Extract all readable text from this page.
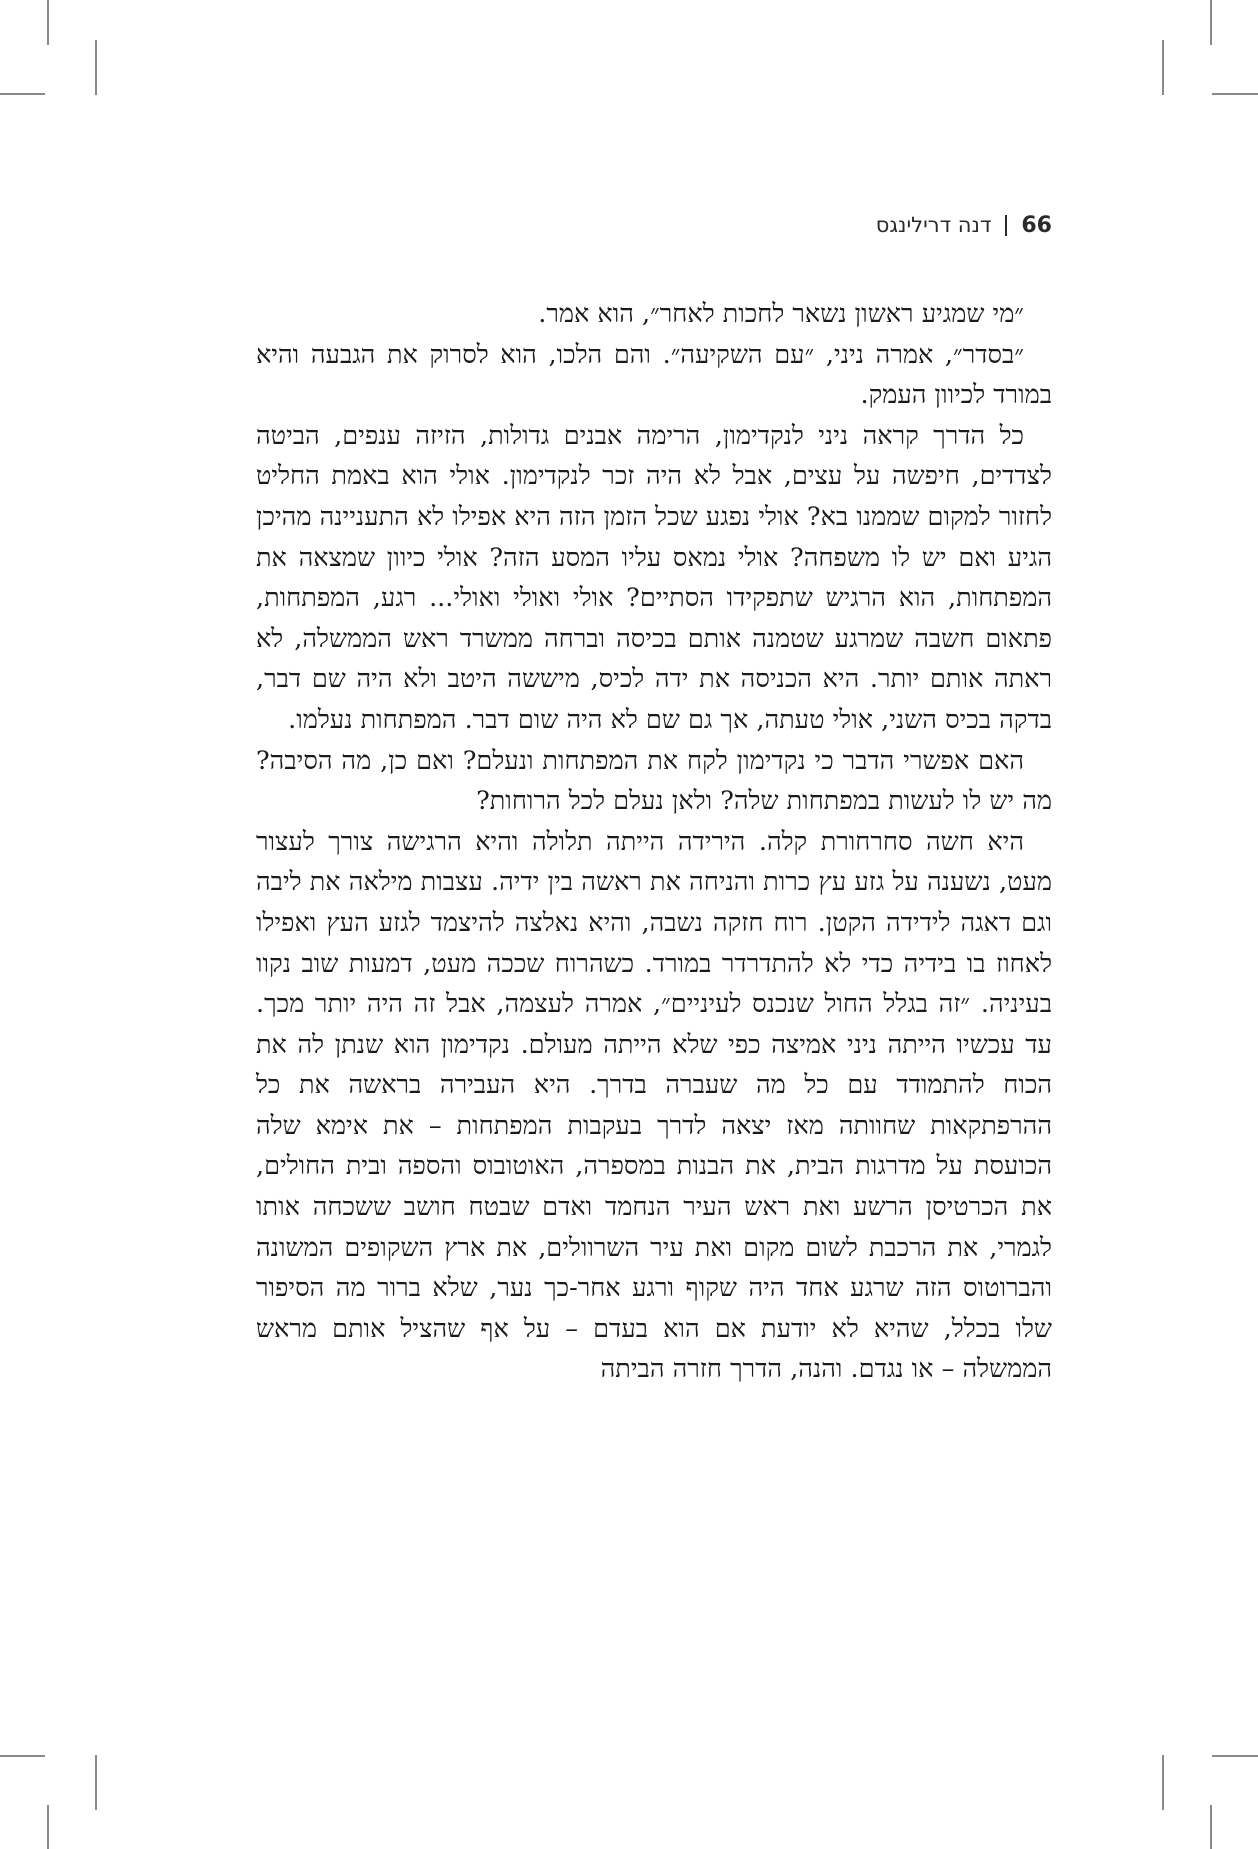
66
דנה דרילינגס

״מי שמגיע ראשון נשאר לחכות לאחר״, הוא אמר.

״בסדר״, אמרה ניני, ״עם השקיעה״. והם הלכו, הוא לסרוק את הגבעה והיא במורד לכיוון העמק.

כל הדרך קראה ניני לנקדימון, הרימה אבנים גדולות, הזיזה ענפים, הביטה לצדדים, חיפשה על עצים, אבל לא היה זכר לנקדימון. אולי הוא באמת החליט לחזור למקום שממנו בא? אולי נפגע שכל הזמן הזה היא אפילו לא התעניינה מהיכן הגיע ואם יש לו משפחה? אולי נמאס עליו המסע הזה? אולי כיוון שמצאה את המפתחות, הוא הרגיש שתפקידו הסתיים? אולי ואולי ואולי... רגע, המפתחות, פתאום חשבה שמרגע שטמנה אותם בכיסה וברחה ממשרד ראש הממשלה, לא ראתה אותם יותר. היא הכניסה את ידה לכיס, מיששה היטב ולא היה שם דבר, בדקה בכיס השני, אולי טעתה, אך גם שם לא היה שום דבר. המפתחות נעלמו.

האם אפשרי הדבר כי נקדימון לקח את המפתחות ונעלם? ואם כן, מה הסיבה? מה יש לו לעשות במפתחות שלה? ולאן נעלם לכל הרוחות?

היא חשה סחרחורת קלה. הירידה הייתה תלולה והיא הרגישה צורך לעצור מעט, נשענה על גזע עץ כרות והניחה את ראשה בין ידיה. עצבות מילאה את ליבה וגם דאגה לידידה הקטן. רוח חזקה נשבה, והיא נאלצה להיצמד לגזע העץ ואפילו לאחוז בו בידיה כדי לא להתדרדר במורד. כשהרוח שככה מעט, דמעות שוב נקוו בעיניה. ״זה בגלל החול שנכנס לעיניים״, אמרה לעצמה, אבל זה היה יותר מכך. עד עכשיו הייתה ניני אמיצה כפי שלא הייתה מעולם. נקדימון הוא שנתן לה את הכוח להתמודד עם כל מה שעברה בדרך. היא העבירה בראשה את כל ההרפתקאות שחוותה מאז יצאה לדרך בעקבות המפתחות – את אימא שלה הכועסת על מדרגות הבית, את הבנות במספרה, האוטובוס והספה ובית החולים, את הכרטיסן הרשע ואת ראש העיר הנחמד ואדם שבטח חושב ששכחה אותו לגמרי, את הרכבת לשום מקום ואת עיר השרוולים, את ארץ השקופים המשונה והברוטוס הזה שרגע אחד היה שקוף ורגע אחר-כך נער, שלא ברור מה הסיפור שלו בכלל, שהיא לא יודעת אם הוא בעדם – על אף שהציל אותם מראש הממשלה – או נגדם. והנה, הדרך חזרה הביתה
